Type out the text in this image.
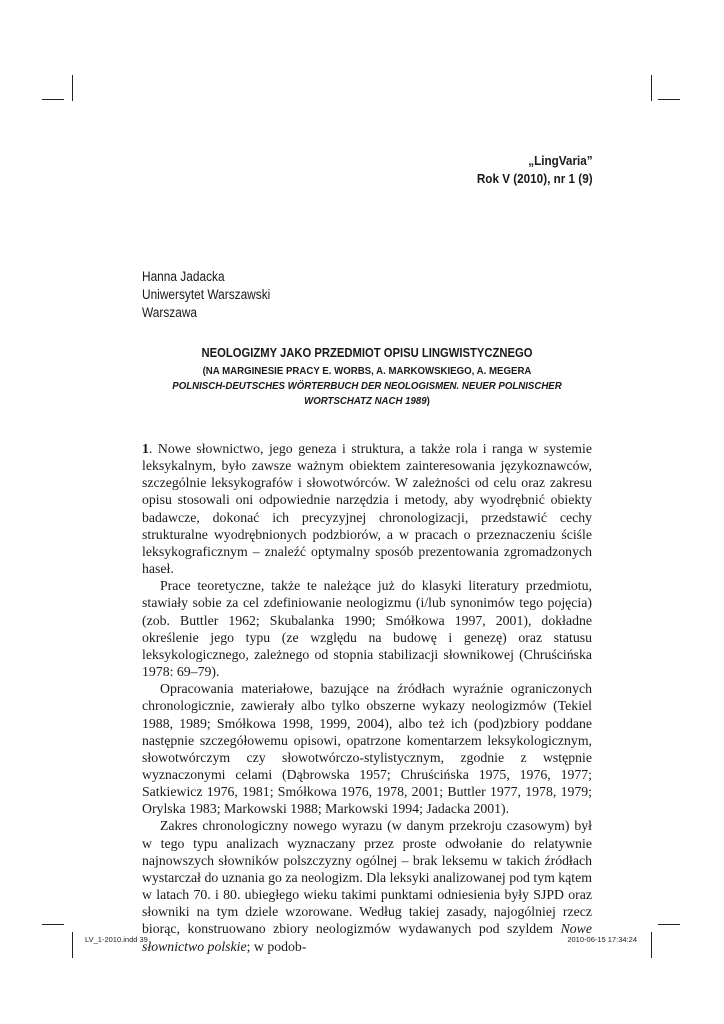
„LingVaria”
Rok V (2010), nr 1 (9)
Hanna Jadacka
Uniwersytet Warszawski
Warszawa
NEOLOGIZMY JAKO PRZEDMIOT OPISU LINGWISTYCZNEGO
(NA MARGINESIE PRACY E. WORBS, A. MARKOWSKIEGO, A. MEGERA
POLNISCH-DEUTSCHES WÖRTERBUCH DER NEOLOGISMEN. NEUER POLNISCHER WORTSCHATZ NACH 1989)

1. Nowe słownictwo, jego geneza i struktura, a także rola i ranga w systemie leksykalnym, było zawsze ważnym obiektem zainteresowania językoznawców, szczególnie leksykografów i słowotwórców. W zależności od celu oraz zakresu opisu stosowali oni odpowiednie narzędzia i metody, aby wyodrębnić obiekty badawcze, dokonać ich precyzyjnej chronologizacji, przedstawić cechy strukturalne wyodrębnionych podzbiorów, a w pracach o przeznaczeniu ściśle leksykograficznym – znaleźć optymalny sposób prezentowania zgromadzonych haseł.

Prace teoretyczne, także te należące już do klasyki literatury przedmiotu, stawiały sobie za cel zdefiniowanie neologizmu (i/lub synonimów tego pojęcia) (zob. Buttler 1962; Skubalanka 1990; Smółkowa 1997, 2001), dokładne określenie jego typu (ze względu na budowę i genezę) oraz statusu leksykologicznego, zależnego od stopnia stabilizacji słownikowej (Chruścińska 1978: 69–79).

Opracowania materiałowe, bazujące na źródłach wyraźnie ograniczonych chronologicznie, zawierały albo tylko obszerne wykazy neologizmów (Tekiel 1988, 1989; Smółkowa 1998, 1999, 2004), albo też ich (pod)zbiory poddane następnie szczegółowemu opisowi, opatrzone komentarzem leksykologicznym, słowotwórczym czy słowotwórczo-stylistycznym, zgodnie z wstępnie wyznaczonymi celami (Dąbrowska 1957; Chruścińska 1975, 1976, 1977; Satkiewicz 1976, 1981; Smółkowa 1976, 1978, 2001; Buttler 1977, 1978, 1979; Orylska 1983; Markowski 1988; Markowski 1994; Jadacka 2001).

Zakres chronologiczny nowego wyrazu (w danym przekroju czasowym) był w tego typu analizach wyznaczany przez proste odwołanie do relatywnie najnowszych słowników polszczyzny ogólnej – brak leksemu w takich źródłach wystarczał do uznania go za neologizm. Dla leksyki analizowanej pod tym kątem w latach 70. i 80. ubiegłego wieku takimi punktami odniesienia były SJPD oraz słowniki na tym dziele wzorowane. Według takiej zasady, najogólniej rzecz biorąc, konstruowano zbiory neologizmów wydawanych pod szyldem Nowe słownictwo polskie; w podob-

LV_1-2010.indd 39	2010-06-15 17:34:24
